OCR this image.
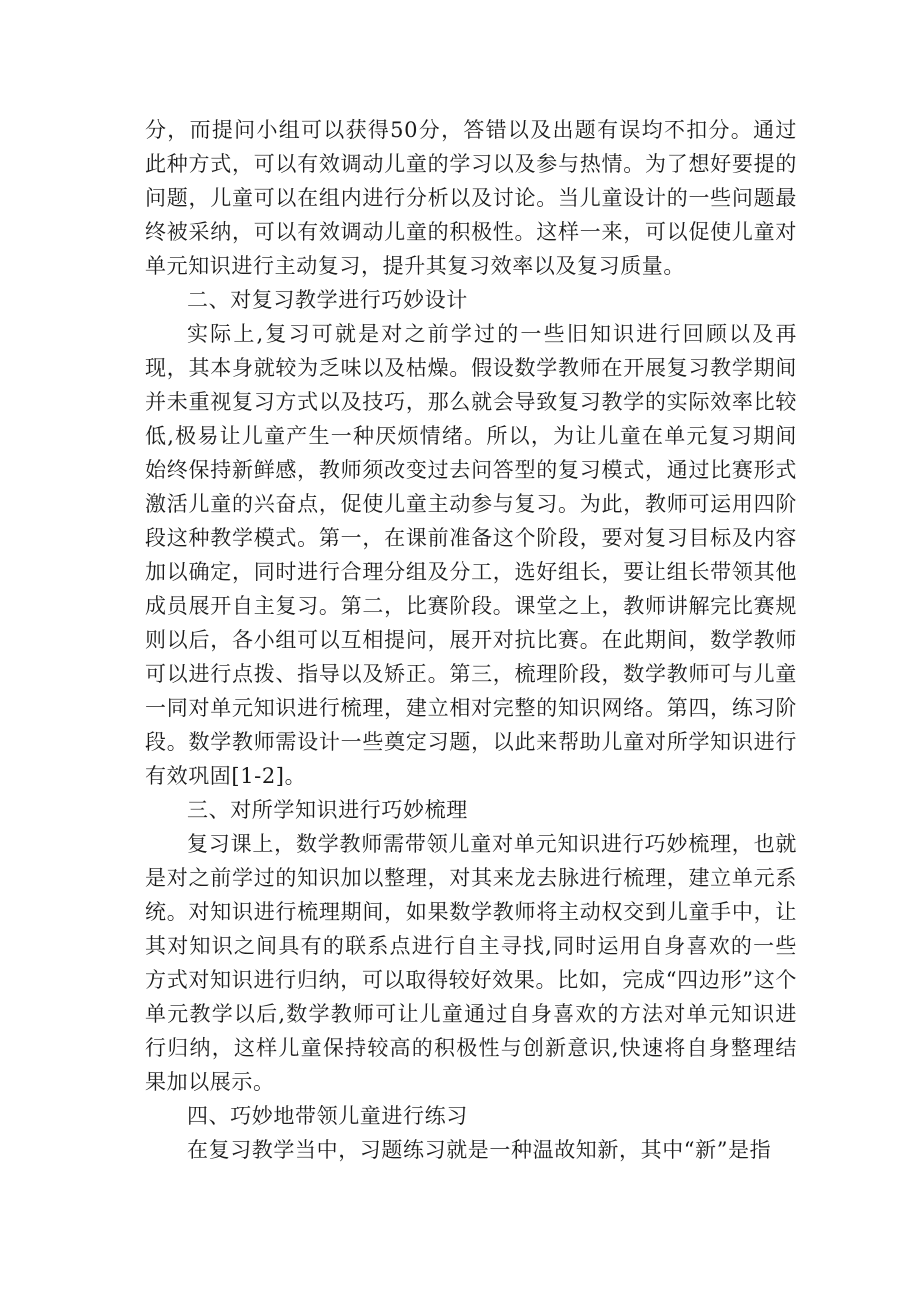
分，而提问小组可以获得50分，答错以及出题有误均不扣分。通过此种方式，可以有效调动儿童的学习以及参与热情。为了想好要提的问题，儿童可以在组内进行分析以及讨论。当儿童设计的一些问题最终被采纳，可以有效调动儿童的积极性。这样一来，可以促使儿童对单元知识进行主动复习，提升其复习效率以及复习质量。

二、对复习教学进行巧妙设计

实际上,复习可就是对之前学过的一些旧知识进行回顾以及再现，其本身就较为乏味以及枯燥。假设数学教师在开展复习教学期间并未重视复习方式以及技巧，那么就会导致复习教学的实际效率比较低,极易让儿童产生一种厌烦情绪。所以，为让儿童在单元复习期间始终保持新鲜感，教师须改变过去问答型的复习模式，通过比赛形式激活儿童的兴奋点，促使儿童主动参与复习。为此，教师可运用四阶段这种教学模式。第一，在课前准备这个阶段，要对复习目标及内容加以确定，同时进行合理分组及分工，选好组长，要让组长带领其他成员展开自主复习。第二，比赛阶段。课堂之上，教师讲解完比赛规则以后，各小组可以互相提问，展开对抗比赛。在此期间，数学教师可以进行点拨、指导以及矫正。第三，梳理阶段，数学教师可与儿童一同对单元知识进行梳理，建立相对完整的知识网络。第四，练习阶段。数学教师需设计一些奠定习题，以此来帮助儿童对所学知识进行有效巩固[1-2]。

三、对所学知识进行巧妙梳理

复习课上，数学教师需带领儿童对单元知识进行巧妙梳理，也就是对之前学过的知识加以整理，对其来龙去脉进行梳理，建立单元系统。对知识进行梳理期间，如果数学教师将主动权交到儿童手中，让其对知识之间具有的联系点进行自主寻找,同时运用自身喜欢的一些方式对知识进行归纳，可以取得较好效果。比如，完成“四边形”这个单元教学以后,数学教师可让儿童通过自身喜欢的方法对单元知识进行归纳，这样儿童保持较高的积极性与创新意识,快速将自身整理结果加以展示。

四、巧妙地带领儿童进行练习

在复习教学当中，习题练习就是一种温故知新，其中“新”是指
